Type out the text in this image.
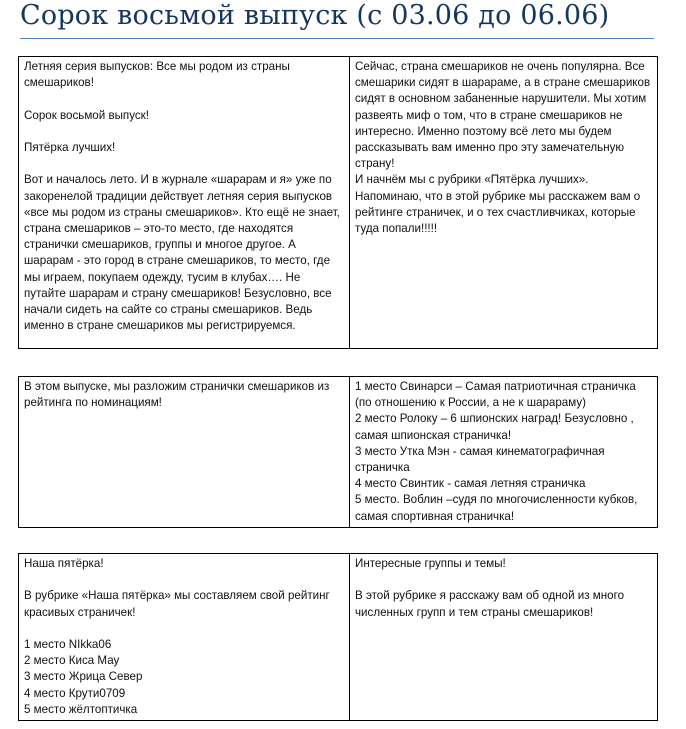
Сорок восьмой выпуск (с 03.06 до 06.06)
Летняя серия выпусков: Все мы родом из страны смешариков!

Сорок восьмой выпуск!

Пятёрка лучших!

Вот и началось лето. И в журнале «шарарам и я» уже по закоренелой традиции действует летняя серия выпусков «все мы родом из страны смешариков». Кто ещё не знает, страна смешариков – это-то место, где находятся странички смешариков, группы и многое другое. А шарарам - это город в стране смешариков, то место, где мы играем, покупаем одежду, тусим в клубах…. Не путайте шарарам и страну смешариков! Безусловно, все начали сидеть на сайте со страны смешариков. Ведь именно в стране смешариков мы регистрируемся.	Сейчас, страна смешариков не очень популярна. Все смешарики сидят в шарараме, а в стране смешариков сидят в основном забаненные нарушители. Мы хотим развеять миф о том, что в стране смешариков не интересно. Именно поэтому всё лето мы будем рассказывать вам именно про эту замечательную страну!
И начнём мы с рубрики «Пятёрка лучших».
Напоминаю, что в этой рубрике мы расскажем вам о рейтинге страничек, и о тех счастливчиках, которые туда попали!!!!!
В этом выпуске, мы разложим странички смешариков из рейтинга по номинациям!	1 место Свинарси – Самая патриотичная страничка (по отношению к России, а не к шарараму)
2 место Ролоку – 6 шпионских наград! Безусловно , самая шпионская страничка!
3 место Утка Мэн - самая кинематографичная страничка
4 место Свинтик - самая летняя страничка
5 место. Воблин –судя по многочисленности кубков, самая спортивная страничка!
Наша пятёрка!

В рубрике «Наша пятёрка» мы составляем свой рейтинг красивых страничек!

1 место NIkka06
2 место Киса Мау
3 место Жрица Север
4 место Крути0709
5 место жёлтоптичка	Интересные группы и темы!

В этой рубрике я расскажу вам об одной из много численных групп и тем страны смешариков!
